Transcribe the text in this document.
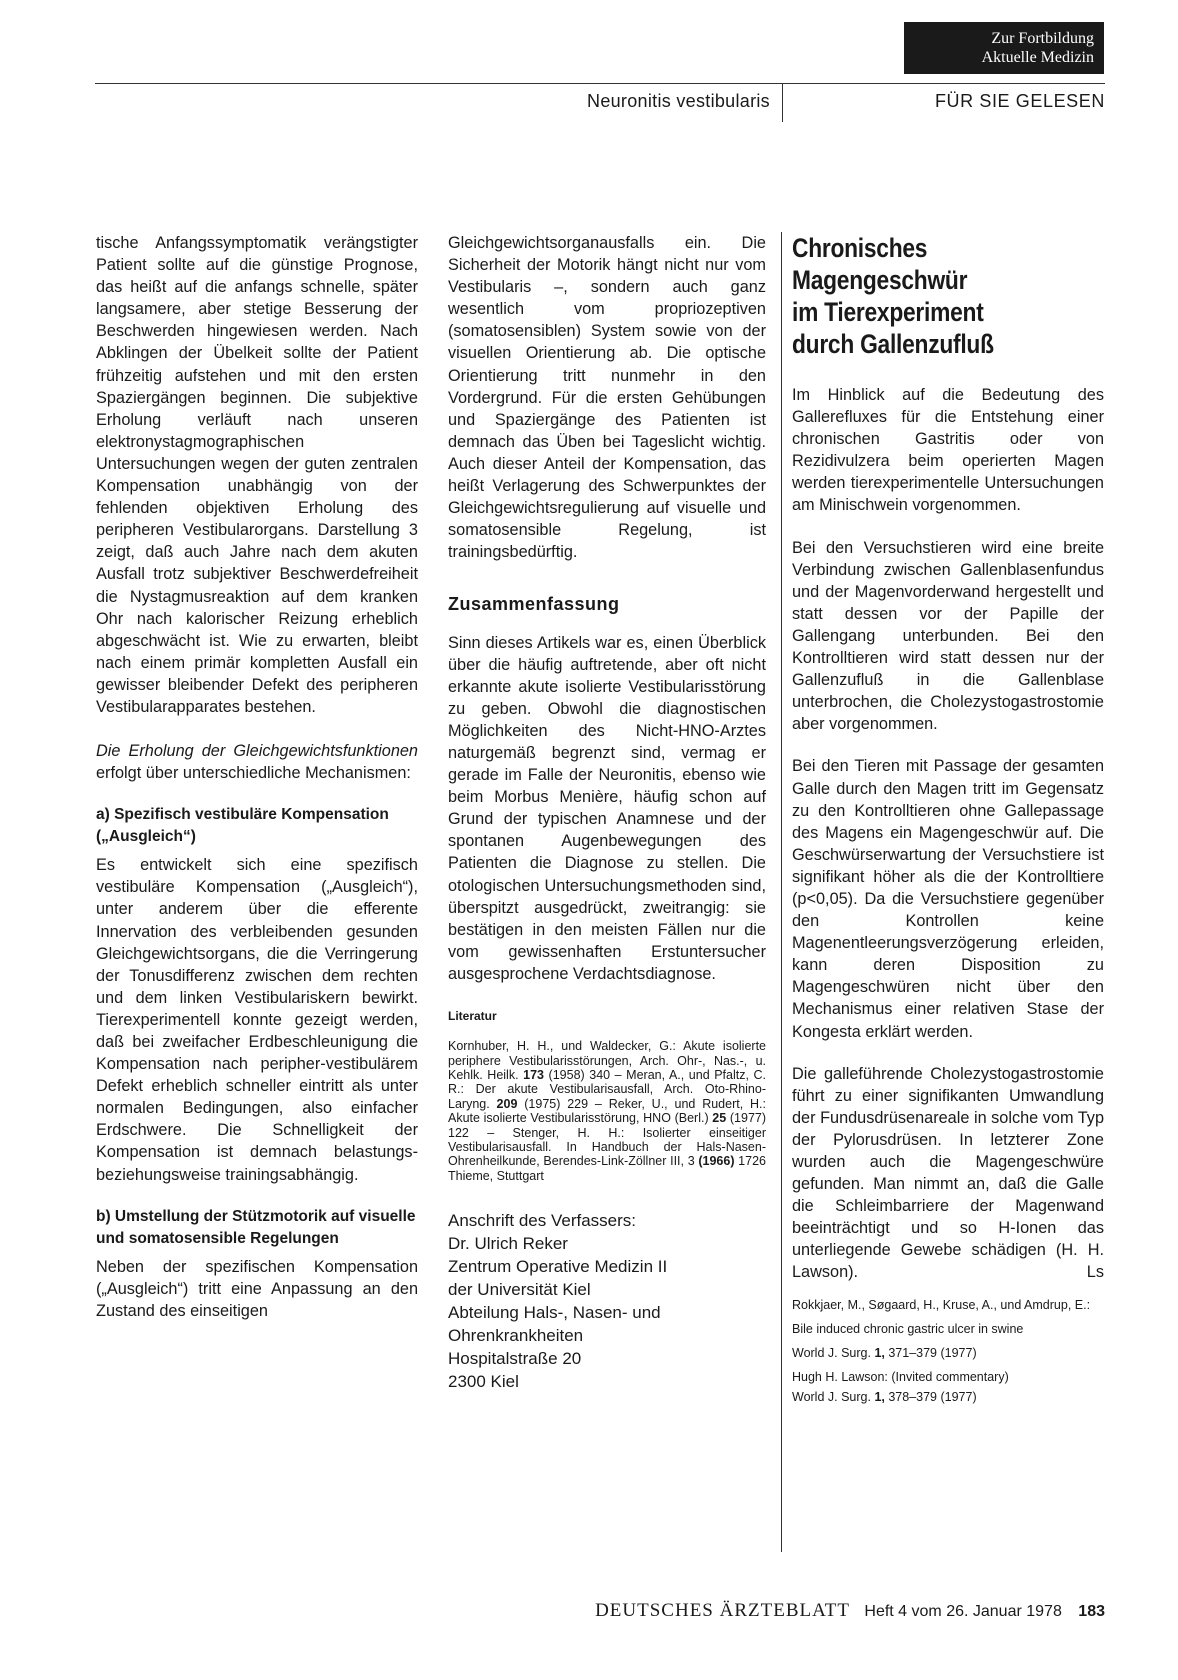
Zur Fortbildung
Aktuelle Medizin
Neuronitis vestibularis	FÜR SIE GELESEN

tische Anfangssymptomatik verängstigter Patient sollte auf die günstige Prognose, das heißt auf die anfangs schnelle, später langsamere, aber stetige Besserung der Beschwerden hingewiesen werden. Nach Abklingen der Übelkeit sollte der Patient frühzeitig aufstehen und mit den ersten Spaziergängen beginnen. Die subjektive Erholung verläuft nach unseren elektronystagmographischen Untersuchungen wegen der guten zentralen Kompensation unabhängig von der fehlenden objektiven Erholung des peripheren Vestibularorgans. Darstellung 3 zeigt, daß auch Jahre nach dem akuten Ausfall trotz subjektiver Beschwerdefreiheit die Nystagmusreaktion auf dem kranken Ohr nach kalorischer Reizung erheblich abgeschwächt ist. Wie zu erwarten, bleibt nach einem primär kompletten Ausfall ein gewisser bleibender Defekt des peripheren Vestibularapparates bestehen.

Die Erholung der Gleichgewichtsfunktionen erfolgt über unterschiedliche Mechanismen:

a) Spezifisch vestibuläre Kompensation („Ausgleich“)

Es entwickelt sich eine spezifisch vestibuläre Kompensation („Ausgleich“), unter anderem über die efferente Innervation des verbleibenden gesunden Gleichgewichtsorgans, die die Verringerung der Tonusdifferenz zwischen dem rechten und dem linken Vestibulariskern bewirkt. Tierexperimentell konnte gezeigt werden, daß bei zweifacher Erdbeschleunigung die Kompensation nach peripher-vestibulärem Defekt erheblich schneller eintritt als unter normalen Bedingungen, also einfacher Erdschwere. Die Schnelligkeit der Kompensation ist demnach belastungs- beziehungsweise trainingsabhängig.

b) Umstellung der Stützmotorik auf visuelle und somatosensible Regelungen

Neben der spezifischen Kompensation („Ausgleich“) tritt eine Anpassung an den Zustand des einseitigen

Gleichgewichtsorganausfalls ein. Die Sicherheit der Motorik hängt nicht nur vom Vestibularis –, sondern auch ganz wesentlich vom propriozeptiven (somatosensiblen) System sowie von der visuellen Orientierung ab. Die optische Orientierung tritt nunmehr in den Vordergrund. Für die ersten Gehübungen und Spaziergänge des Patienten ist demnach das Üben bei Tageslicht wichtig. Auch dieser Anteil der Kompensation, das heißt Verlagerung des Schwerpunktes der Gleichgewichtsregulierung auf visuelle und somatosensible Regelung, ist trainingsbedürftig.

Zusammenfassung

Sinn dieses Artikels war es, einen Überblick über die häufig auftretende, aber oft nicht erkannte akute isolierte Vestibularisstörung zu geben. Obwohl die diagnostischen Möglichkeiten des Nicht-HNO-Arztes naturgemäß begrenzt sind, vermag er gerade im Falle der Neuronitis, ebenso wie beim Morbus Menière, häufig schon auf Grund der typischen Anamnese und der spontanen Augenbewegungen des Patienten die Diagnose zu stellen. Die otologischen Untersuchungsmethoden sind, überspitzt ausgedrückt, zweitrangig: sie bestätigen in den meisten Fällen nur die vom gewissenhaften Erstuntersucher ausgesprochene Verdachtsdiagnose.

Literatur

Kornhuber, H. H., und Waldecker, G.: Akute isolierte periphere Vestibularisstörungen, Arch. Ohr-, Nas.-, u. Kehlk. Heilk. 173 (1958) 340 – Meran, A., und Pfaltz, C. R.: Der akute Vestibularisausfall, Arch. Oto-Rhino-Laryng. 209 (1975) 229 – Reker, U., und Rudert, H.: Akute isolierte Vestibularisstörung, HNO (Berl.) 25 (1977) 122 – Stenger, H. H.: Isolierter einseitiger Vestibularisausfall. In Handbuch der Hals-Nasen-Ohrenheilkunde, Berendes-Link-Zöllner III, 3 (1966) 1726 Thieme, Stuttgart

Anschrift des Verfassers:
Dr. Ulrich Reker
Zentrum Operative Medizin II
der Universität Kiel
Abteilung Hals-, Nasen- und Ohrenkrankheiten
Hospitalstraße 20
2300 Kiel
Chronisches
Magengeschwür
im Tierexperiment
durch Gallenzufluß

Im Hinblick auf die Bedeutung des Gallerefluxes für die Entstehung einer chronischen Gastritis oder von Rezidivulzera beim operierten Magen werden tierexperimentelle Untersuchungen am Minischwein vorgenommen.

Bei den Versuchstieren wird eine breite Verbindung zwischen Gallenblasenfundus und der Magenvorderwand hergestellt und statt dessen vor der Papille der Gallengang unterbunden. Bei den Kontrolltieren wird statt dessen nur der Gallenzufluß in die Gallenblase unterbrochen, die Cholezystogastrostomie aber vorgenommen.

Bei den Tieren mit Passage der gesamten Galle durch den Magen tritt im Gegensatz zu den Kontrolltieren ohne Gallepassage des Magens ein Magengeschwür auf. Die Geschwürserwartung der Versuchstiere ist signifikant höher als die der Kontrolltiere (p<0,05). Da die Versuchstiere gegenüber den Kontrollen keine Magenentleerungsverzögerung erleiden, kann deren Disposition zu Magengeschwüren nicht über den Mechanismus einer relativen Stase der Kongesta erklärt werden.

Die galleführende Cholezystogastrostomie führt zu einer signifikanten Umwandlung der Fundusdrüsenareale in solche vom Typ der Pylorusdrüsen. In letzterer Zone wurden auch die Magengeschwüre gefunden. Man nimmt an, daß die Galle die Schleimbarriere der Magenwand beeinträchtigt und so H-Ionen das unterliegende Gewebe schädigen (H. H. Lawson).	Ls

Rokkjaer, M., Søgaard, H., Kruse, A., und Amdrup, E.:
Bile induced chronic gastric ulcer in swine
World J. Surg. 1, 371–379 (1977)
Hugh H. Lawson: (Invited commentary)
World J. Surg. 1, 378–379 (1977)
DEUTSCHES ÄRZTEBLATT Heft 4 vom 26. Januar 1978 183
